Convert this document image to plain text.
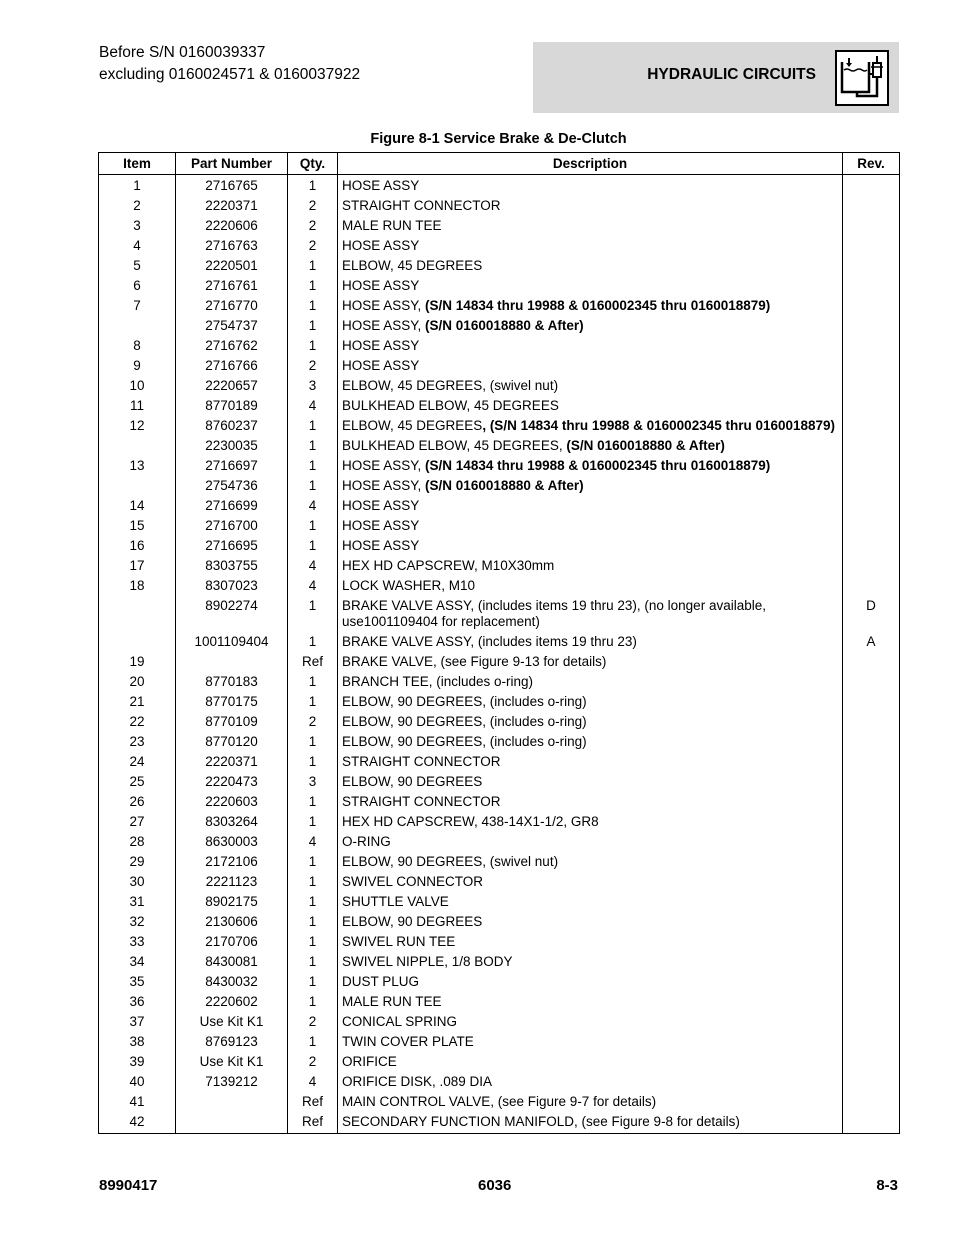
Before S/N 0160039337
excluding 0160024571 & 0160037922	HYDRAULIC CIRCUITS
Figure 8-1 Service Brake & De-Clutch
Item	Part Number	Qty.	Description	Rev.
1	2716765	1	HOSE ASSY	
2	2220371	2	STRAIGHT CONNECTOR	
3	2220606	2	MALE RUN TEE	
4	2716763	2	HOSE ASSY	
5	2220501	1	ELBOW, 45 DEGREES	
6	2716761	1	HOSE ASSY	
7	2716770	1	HOSE ASSY, (S/N 14834 thru 19988 & 0160002345 thru 0160018879)	
	2754737	1	HOSE ASSY, (S/N 0160018880 & After)	
8	2716762	1	HOSE ASSY	
9	2716766	2	HOSE ASSY	
10	2220657	3	ELBOW, 45 DEGREES, (swivel nut)	
11	8770189	4	BULKHEAD ELBOW, 45 DEGREES	
12	8760237	1	ELBOW, 45 DEGREES, (S/N 14834 thru 19988 & 0160002345 thru 0160018879)	
	2230035	1	BULKHEAD ELBOW, 45 DEGREES, (S/N 0160018880 & After)	
13	2716697	1	HOSE ASSY, (S/N 14834 thru 19988 & 0160002345 thru 0160018879)	
	2754736	1	HOSE ASSY, (S/N 0160018880 & After)	
14	2716699	4	HOSE ASSY	
15	2716700	1	HOSE ASSY	
16	2716695	1	HOSE ASSY	
17	8303755	4	HEX HD CAPSCREW, M10X30mm	
18	8307023	4	LOCK WASHER, M10	
	8902274	1	BRAKE VALVE ASSY, (includes items 19 thru 23), (no longer available, use1001109404 for replacement)	D
	1001109404	1	BRAKE VALVE ASSY, (includes items 19 thru 23)	A
19		Ref	BRAKE VALVE, (see Figure 9-13 for details)	
20	8770183	1	BRANCH TEE, (includes o-ring)	
21	8770175	1	ELBOW, 90 DEGREES, (includes o-ring)	
22	8770109	2	ELBOW, 90 DEGREES, (includes o-ring)	
23	8770120	1	ELBOW, 90 DEGREES, (includes o-ring)	
24	2220371	1	STRAIGHT CONNECTOR	
25	2220473	3	ELBOW, 90 DEGREES	
26	2220603	1	STRAIGHT CONNECTOR	
27	8303264	1	HEX HD CAPSCREW, 438-14X1-1/2, GR8	
28	8630003	4	O-RING	
29	2172106	1	ELBOW, 90 DEGREES, (swivel nut)	
30	2221123	1	SWIVEL CONNECTOR	
31	8902175	1	SHUTTLE VALVE	
32	2130606	1	ELBOW, 90 DEGREES	
33	2170706	1	SWIVEL RUN TEE	
34	8430081	1	SWIVEL NIPPLE, 1/8 BODY	
35	8430032	1	DUST PLUG	
36	2220602	1	MALE RUN TEE	
37	Use Kit K1	2	CONICAL SPRING	
38	8769123	1	TWIN COVER PLATE	
39	Use Kit K1	2	ORIFICE	
40	7139212	4	ORIFICE DISK, .089 DIA	
41		Ref	MAIN CONTROL VALVE, (see Figure 9-7 for details)	
42		Ref	SECONDARY FUNCTION MANIFOLD, (see Figure 9-8 for details)	
8990417	6036	8-3
